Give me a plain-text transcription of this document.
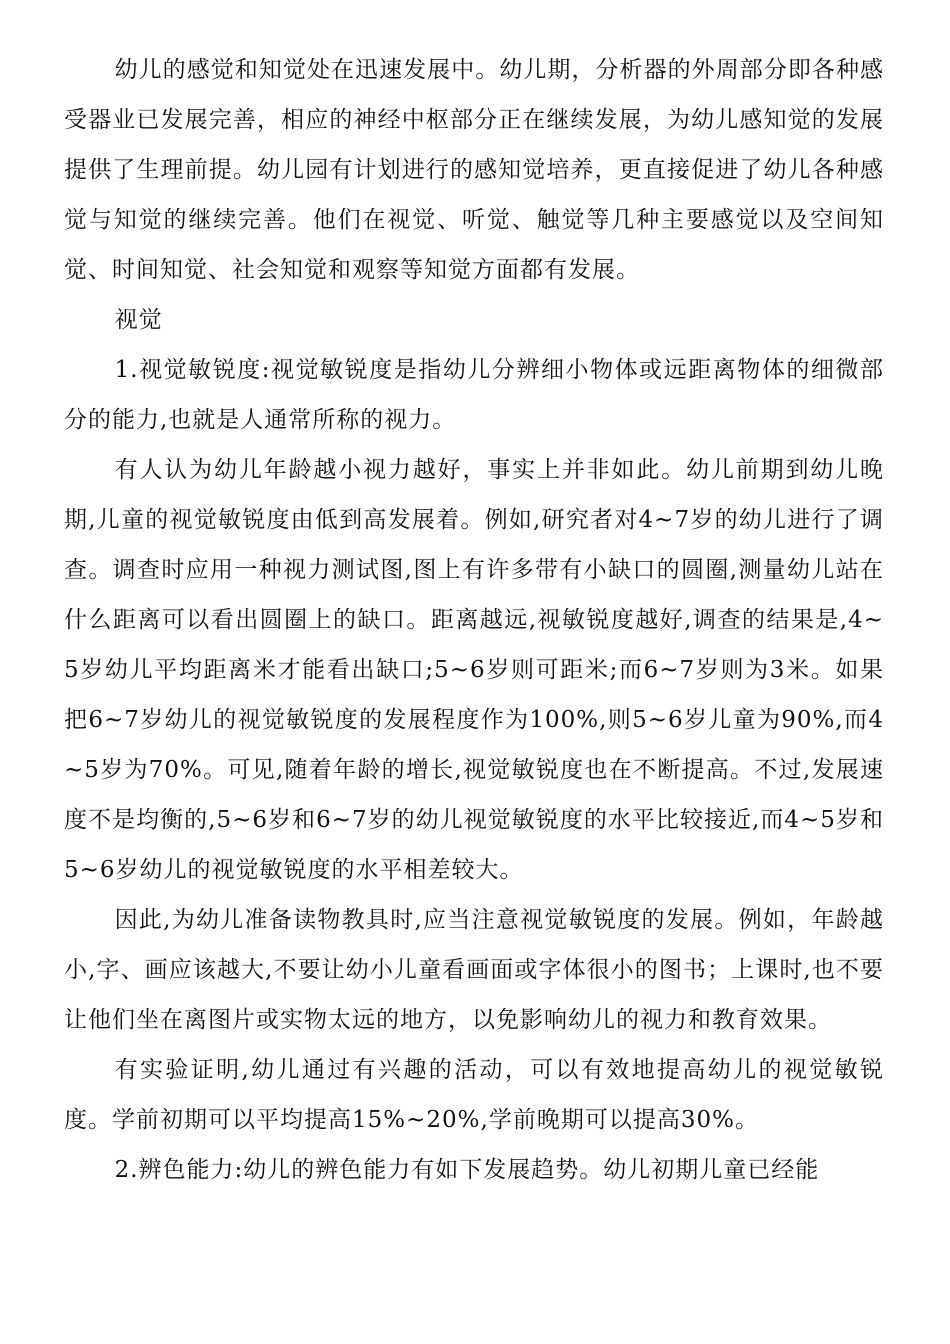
幼儿的感觉和知觉处在迅速发展中。幼儿期，分析器的外周部分即各种感受器业已发展完善，相应的神经中枢部分正在继续发展，为幼儿感知觉的发展提供了生理前提。幼儿园有计划进行的感知觉培养，更直接促进了幼儿各种感觉与知觉的继续完善。他们在视觉、听觉、触觉等几种主要感觉以及空间知觉、时间知觉、社会知觉和观察等知觉方面都有发展。

视觉

1.视觉敏锐度:视觉敏锐度是指幼儿分辨细小物体或远距离物体的细微部分的能力,也就是人通常所称的视力。

有人认为幼儿年龄越小视力越好，事实上并非如此。幼儿前期到幼儿晚期,儿童的视觉敏锐度由低到高发展着。例如,研究者对4~7岁的幼儿进行了调查。调查时应用一种视力测试图,图上有许多带有小缺口的圆圈,测量幼儿站在什么距离可以看出圆圈上的缺口。距离越远,视敏锐度越好,调查的结果是,4~5岁幼儿平均距离米才能看出缺口;5~6岁则可距米;而6~7岁则为3米。如果把6~7岁幼儿的视觉敏锐度的发展程度作为100%,则5~6岁儿童为90%,而4~5岁为70%。可见,随着年龄的增长,视觉敏锐度也在不断提高。不过,发展速度不是均衡的,5~6岁和6~7岁的幼儿视觉敏锐度的水平比较接近,而4~5岁和5~6岁幼儿的视觉敏锐度的水平相差较大。

因此,为幼儿准备读物教具时,应当注意视觉敏锐度的发展。例如，年龄越小,字、画应该越大,不要让幼小儿童看画面或字体很小的图书；上课时,也不要让他们坐在离图片或实物太远的地方，以免影响幼儿的视力和教育效果。

有实验证明,幼儿通过有兴趣的活动，可以有效地提高幼儿的视觉敏锐度。学前初期可以平均提高15%~20%,学前晚期可以提高30%。

2.辨色能力:幼儿的辨色能力有如下发展趋势。幼儿初期儿童已经能
